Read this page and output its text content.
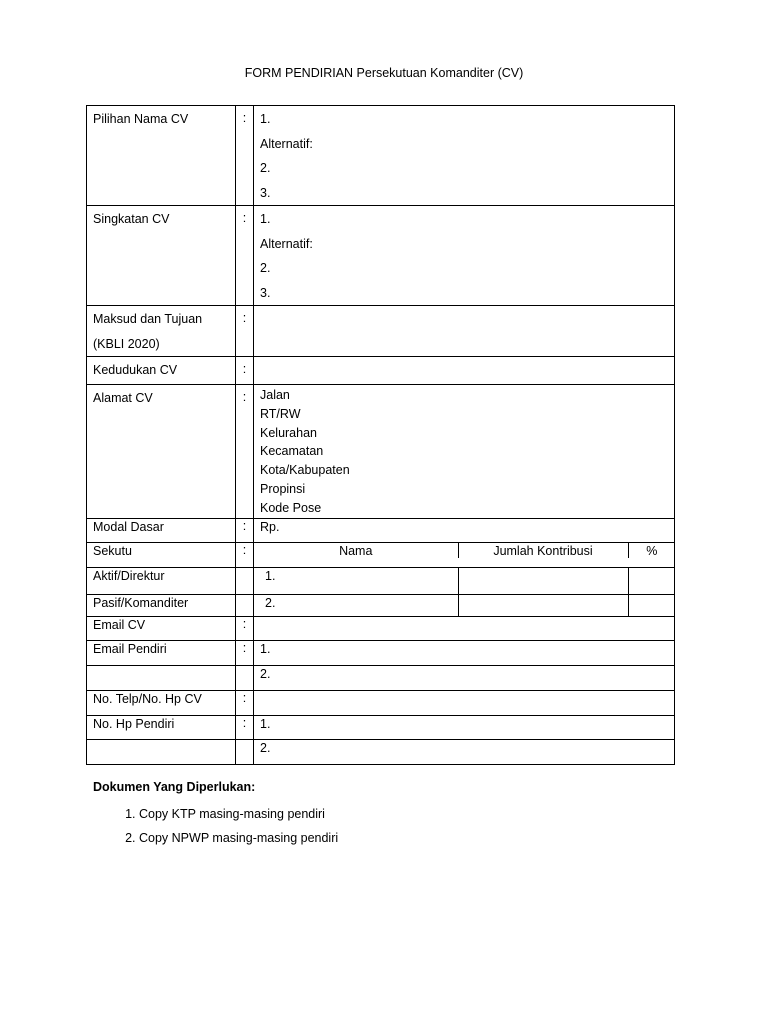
FORM PENDIRIAN Persekutuan Komanditer (CV)
Pilihan Nama CV	:	1.
Alternatif:
2.
3.

Singkatan CV	:	1.
Alternatif:
2.
3.

Maksud dan Tujuan
(KBLI 2020)
	:	
Kedudukan CV	:	
Alamat CV	:	Jalan
RT/RW
Kelurahan
Kecamatan
Kota/Kabupaten
Propinsi
Kode Pose

Modal Dasar	:	Rp.
Sekutu	:		Nama	Jumlah Kontribusi	%

Aktif/Direktur			1.		

Pasif/Komanditer			2.		

Email CV	:	
Email Pendiri	:	1.
		2.
No. Telp/No. Hp CV	:	
No. Hp Pendiri	:	1.
		2.
Dokumen Yang Diperlukan:
1. Copy KTP masing-masing pendiri
2. Copy NPWP masing-masing pendiri
